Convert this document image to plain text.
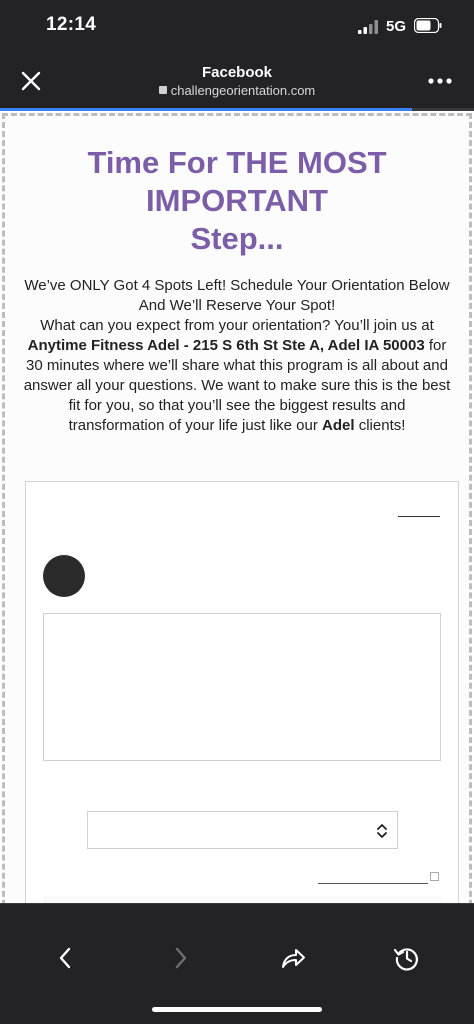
12:14	5G
Facebook
challengeorientation.com
Time For THE MOST
IMPORTANT
Step...
We’ve ONLY Got 4 Spots Left! Schedule Your Orientation Below And We’ll Reserve Your Spot!
What can you expect from your orientation? You’ll join us at Anytime Fitness Adel - 215 S 6th St Ste A, Adel IA 50003 for 30 minutes where we’ll share what this program is all about and answer all your questions. We want to make sure this is the best fit for you, so that you’ll see the biggest results and transformation of your life just like our Adel clients!
